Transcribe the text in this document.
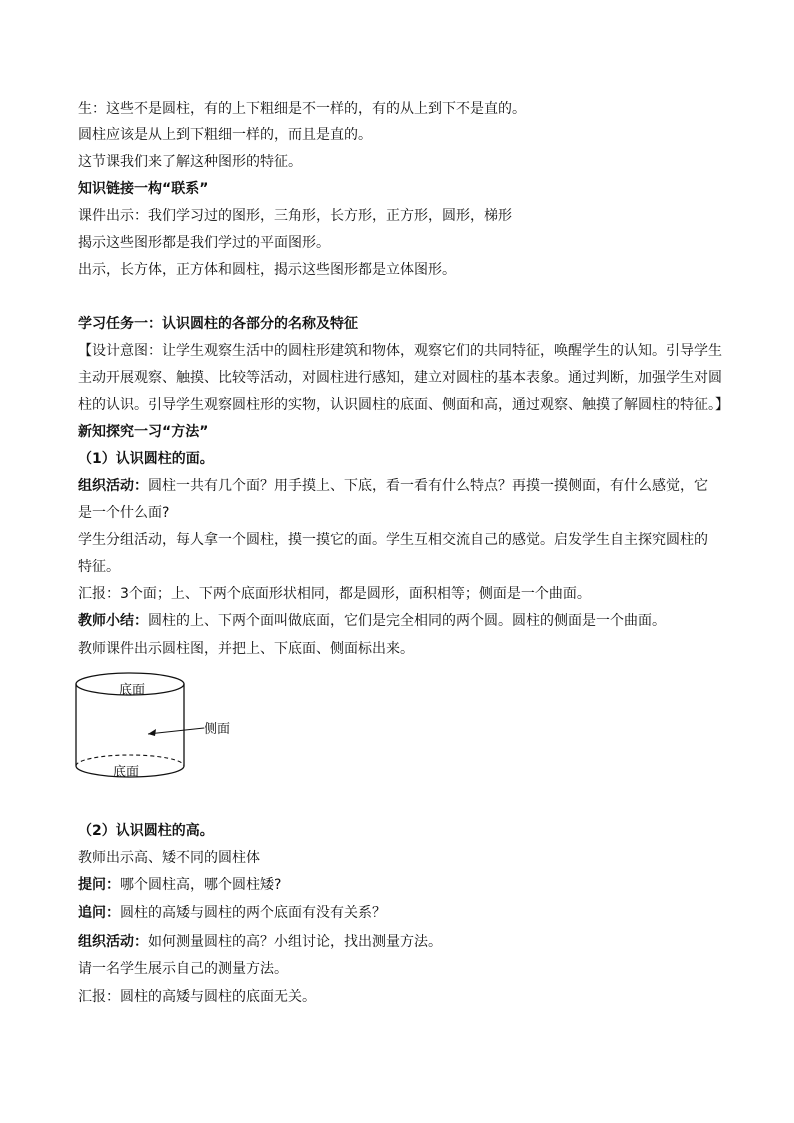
生：这些不是圆柱，有的上下粗细是不一样的，有的从上到下不是直的。
圆柱应该是从上到下粗细一样的，而且是直的。
这节课我们来了解这种图形的特征。
知识链接一构“联系”
课件出示：我们学习过的图形，三角形，长方形，正方形，圆形，梯形
揭示这些图形都是我们学过的平面图形。
出示，长方体，正方体和圆柱，揭示这些图形都是立体图形。
学习任务一：认识圆柱的各部分的名称及特征
【设计意图：让学生观察生活中的圆柱形建筑和物体，观察它们的共同特征，唤醒学生的认知。引导学生
主动开展观察、触摸、比较等活动，对圆柱进行感知，建立对圆柱的基本表象。通过判断，加强学生对圆
柱的认识。引导学生观察圆柱形的实物，认识圆柱的底面、侧面和高，通过观察、触摸了解圆柱的特征。】
新知探究一习“方法”
（1）认识圆柱的面。
组织活动：圆柱一共有几个面？用手摸上、下底，看一看有什么特点？再摸一摸侧面，有什么感觉，它
是一个什么面?
学生分组活动，每人拿一个圆柱，摸一摸它的面。学生互相交流自己的感觉。启发学生自主探究圆柱的
特征。
汇报：3个面；上、下两个底面形状相同，都是圆形，面积相等；侧面是一个曲面。
教师小结：圆柱的上、下两个面叫做底面，它们是完全相同的两个圆。圆柱的侧面是一个曲面。
教师课件出示圆柱图，并把上、下底面、侧面标出来。
底面
侧面
底面
（2）认识圆柱的高。
教师出示高、矮不同的圆柱体
提问：哪个圆柱高，哪个圆柱矮?
追问：圆柱的高矮与圆柱的两个底面有没有关系？
组织活动：如何测量圆柱的高？小组讨论，找出测量方法。
请一名学生展示自己的测量方法。
汇报：圆柱的高矮与圆柱的底面无关。
